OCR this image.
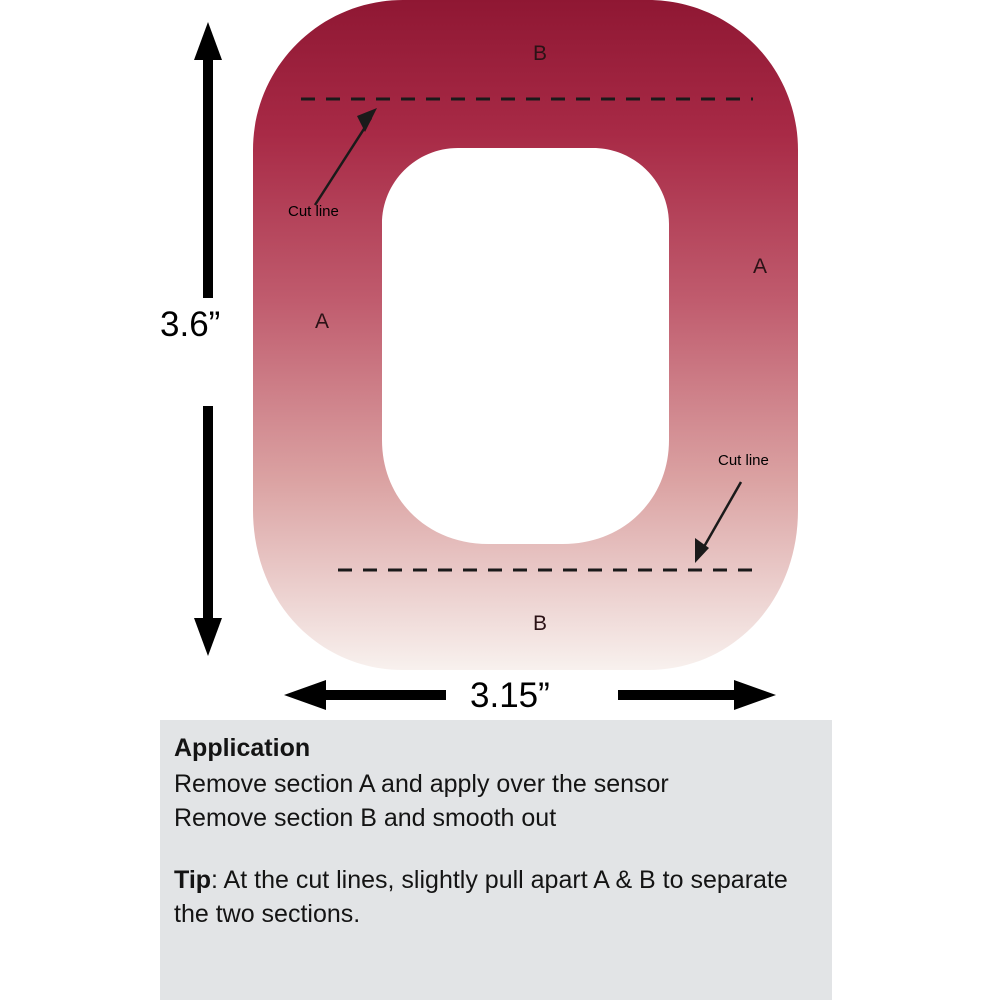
3.6”
3.15”
B
A
A
B
Cut line
Cut line
Application
Remove section A and apply over the sensor
Remove section B and smooth out
Tip: At the cut lines, slightly pull apart A & B to separate the two sections.
